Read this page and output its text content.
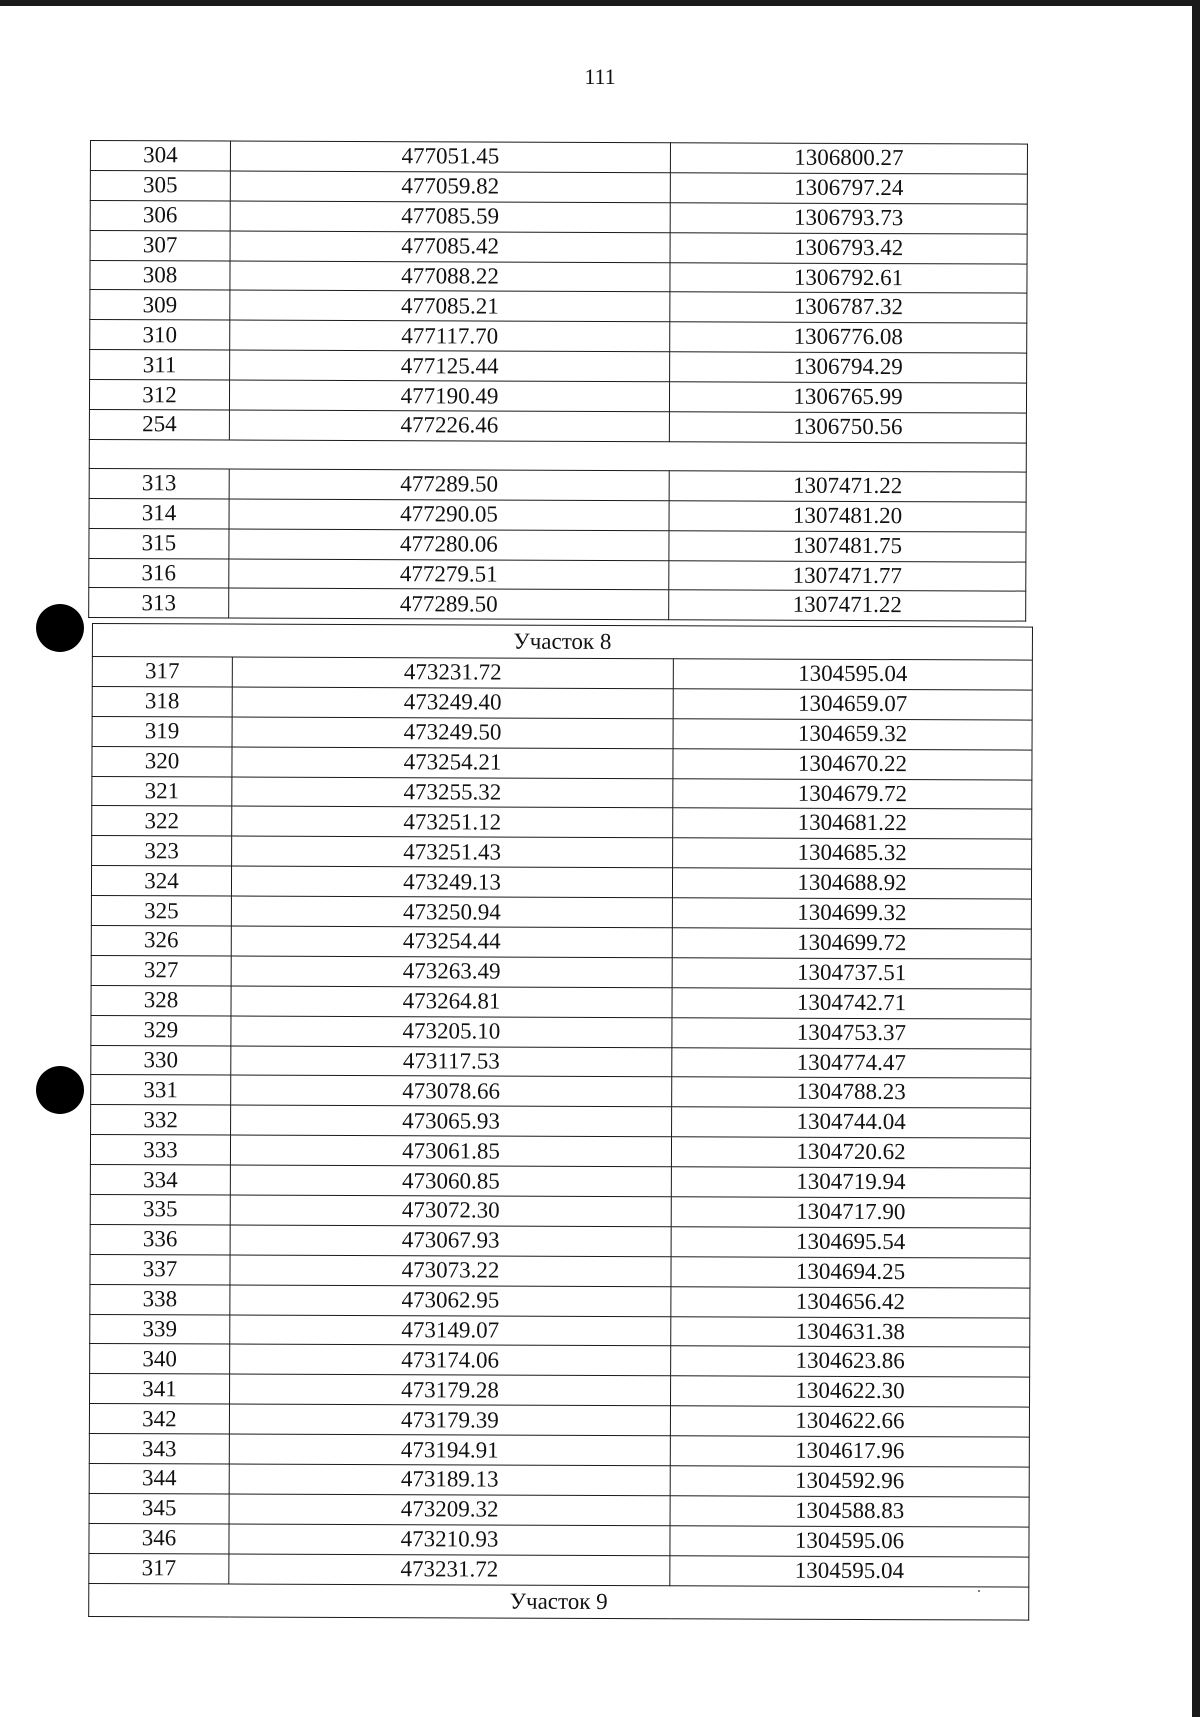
111
304	477051.45	1306800.27
305	477059.82	1306797.24
306	477085.59	1306793.73
307	477085.42	1306793.42
308	477088.22	1306792.61
309	477085.21	1306787.32
310	477117.70	1306776.08
311	477125.44	1306794.29
312	477190.49	1306765.99
254	477226.46	1306750.56

313	477289.50	1307471.22
314	477290.05	1307481.20
315	477280.06	1307481.75
316	477279.51	1307471.77
313	477289.50	1307471.22
Участок 8		
317	473231.72	1304595.04
318	473249.40	1304659.07
319	473249.50	1304659.32
320	473254.21	1304670.22
321	473255.32	1304679.72
322	473251.12	1304681.22
323	473251.43	1304685.32
324	473249.13	1304688.92
325	473250.94	1304699.32
326	473254.44	1304699.72
327	473263.49	1304737.51
328	473264.81	1304742.71
329	473205.10	1304753.37
330	473117.53	1304774.47
331	473078.66	1304788.23
332	473065.93	1304744.04
333	473061.85	1304720.62
334	473060.85	1304719.94
335	473072.30	1304717.90
336	473067.93	1304695.54
337	473073.22	1304694.25
338	473062.95	1304656.42
339	473149.07	1304631.38
340	473174.06	1304623.86
341	473179.28	1304622.30
342	473179.39	1304622.66
343	473194.91	1304617.96
344	473189.13	1304592.96
345	473209.32	1304588.83
346	473210.93	1304595.06
317	473231.72	1304595.04
Участок 9		
